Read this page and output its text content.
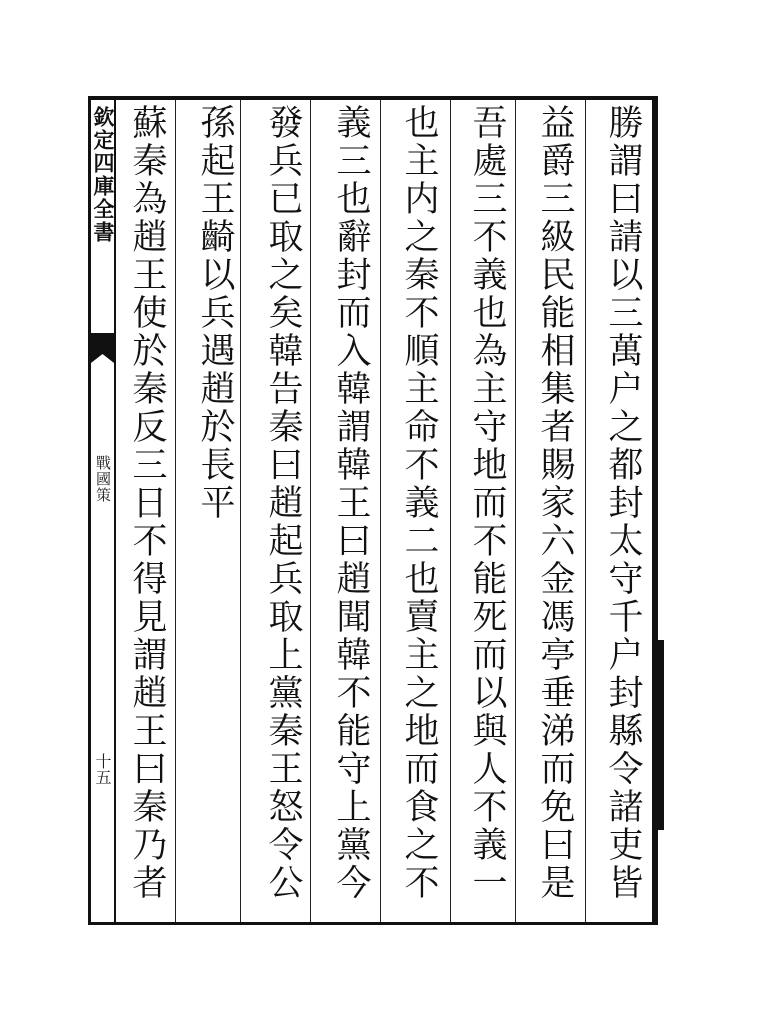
欽定四庫全書
戰國策
十五	勝謂曰請以三萬户之都封太守千户封縣令諸吏皆
益爵三級民能相集者賜家六金馮亭垂涕而免曰是
吾處三不義也為主守地而不能死而以與人不義一
也主内之秦不順主命不義二也賣主之地而食之不
義三也辭封而入韓謂韓王曰趙聞韓不能守上黨今
發兵已取之矣韓告秦曰趙起兵取上黨秦王怒令公
孫起王齮以兵遇趙於長平
蘇秦為趙王使於秦反三日不得見謂趙王曰秦乃者
